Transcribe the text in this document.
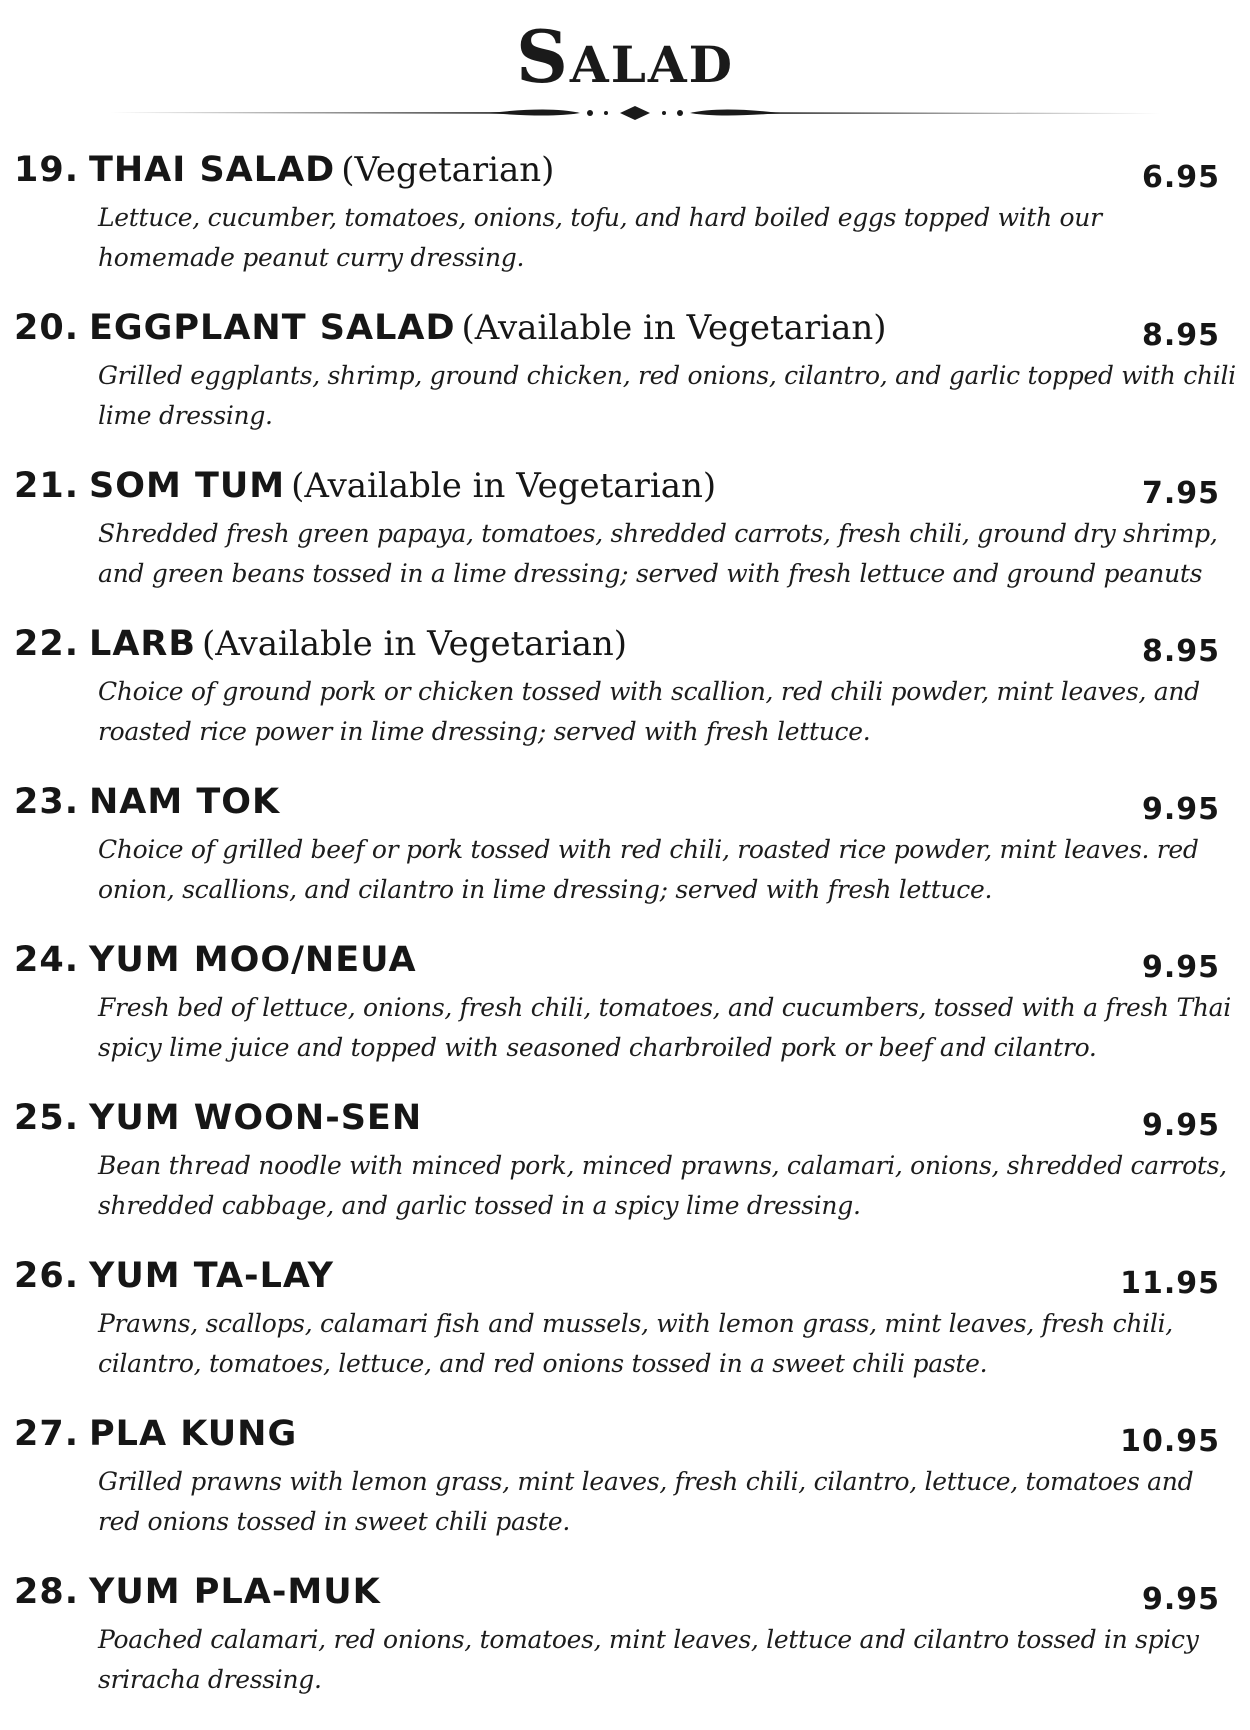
Salad
19. THAI SALAD (Vegetarian)	6.95

Lettuce, cucumber, tomatoes, onions, tofu, and hard boiled eggs topped with our homemade peanut curry dressing.

20. EGGPLANT SALAD (Available in Vegetarian)	8.95

Grilled eggplants, shrimp, ground chicken, red onions, cilantro, and garlic topped with chili lime dressing.

21. SOM TUM (Available in Vegetarian)	7.95

Shredded fresh green papaya, tomatoes, shredded carrots, fresh chili, ground dry shrimp, and green beans tossed in a lime dressing; served with fresh lettuce and ground peanuts

22. LARB (Available in Vegetarian)	8.95

Choice of ground pork or chicken tossed with scallion, red chili powder, mint leaves, and roasted rice power in lime dressing; served with fresh lettuce.

23. NAM TOK	9.95

Choice of grilled beef or pork tossed with red chili, roasted rice powder, mint leaves. red onion, scallions, and cilantro in lime dressing; served with fresh lettuce.

24. YUM MOO/NEUA	9.95

Fresh bed of lettuce, onions, fresh chili, tomatoes, and cucumbers, tossed with a fresh Thai spicy lime juice and topped with seasoned charbroiled pork or beef and cilantro.

25. YUM WOON-SEN	9.95

Bean thread noodle with minced pork, minced prawns, calamari, onions, shredded carrots, shredded cabbage, and garlic tossed in a spicy lime dressing.

26. YUM TA-LAY	11.95

Prawns, scallops, calamari fish and mussels, with lemon grass, mint leaves, fresh chili, cilantro, tomatoes, lettuce, and red onions tossed in a sweet chili paste.

27. PLA KUNG	10.95

Grilled prawns with lemon grass, mint leaves, fresh chili, cilantro, lettuce, tomatoes and red onions tossed in sweet chili paste.

28. YUM PLA-MUK	9.95

Poached calamari, red onions, tomatoes, mint leaves, lettuce and cilantro tossed in spicy sriracha dressing.
